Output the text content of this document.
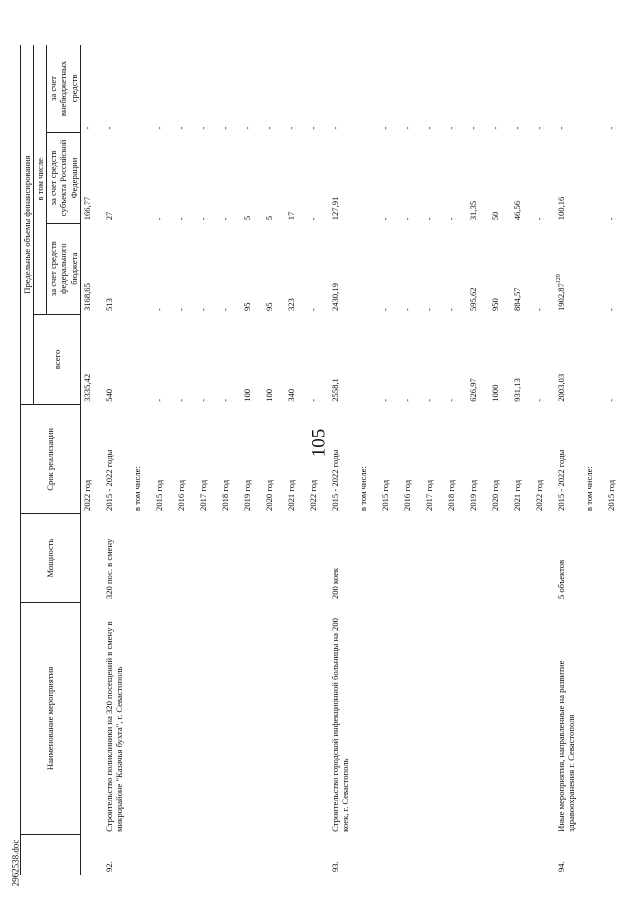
105
	Наименование мероприятия	Мощность	Срок реализации	Предельные объемы финансирования			
				всего	в том числе		
					за счет средств федерального бюджета	за счет средств субъекта Российской Федерации	за счет внебюджетных средств
			2022 год	3335,42	3168,65	166,77	-
92.	Строительство поликлиники на 320 посещений в смену в микрорайоне "Казачья бухта", г. Севастополь	320 пос. в смену	2015 - 2022 годы	540	513	27	-
			в том числе:				
			2015 год	-	-	-	-
			2016 год	-	-	-	-
			2017 год	-	-	-	-
			2018 год	-	-	-	-
			2019 год	100	95	5	-
			2020 год	100	95	5	-
			2021 год	340	323	17	-
			2022 год	-	-	-	-
93.	Строительство городской инфекционной больницы на 200 коек, г. Севастополь	200 коек	2015 - 2022 годы	2558,1	2430,19	127,91	-
			в том числе:				
			2015 год	-	-	-	-
			2016 год	-	-	-	-
			2017 год	-	-	-	-
			2018 год	-	-	-	-
			2019 год	626,97	595,62	31,35	-
			2020 год	1000	950	50	-
			2021 год	931,13	884,57	46,56	-
			2022 год	-	-	-	-
94.	Иные мероприятия, направленные на развитие здравоохранения г. Севастополя	5 объектов	2015 - 2022 годы	2003,03	1902,87$^{129}$	100,16	-
			в том числе:				
			2015 год	-	-	-	-
2962538.doc
